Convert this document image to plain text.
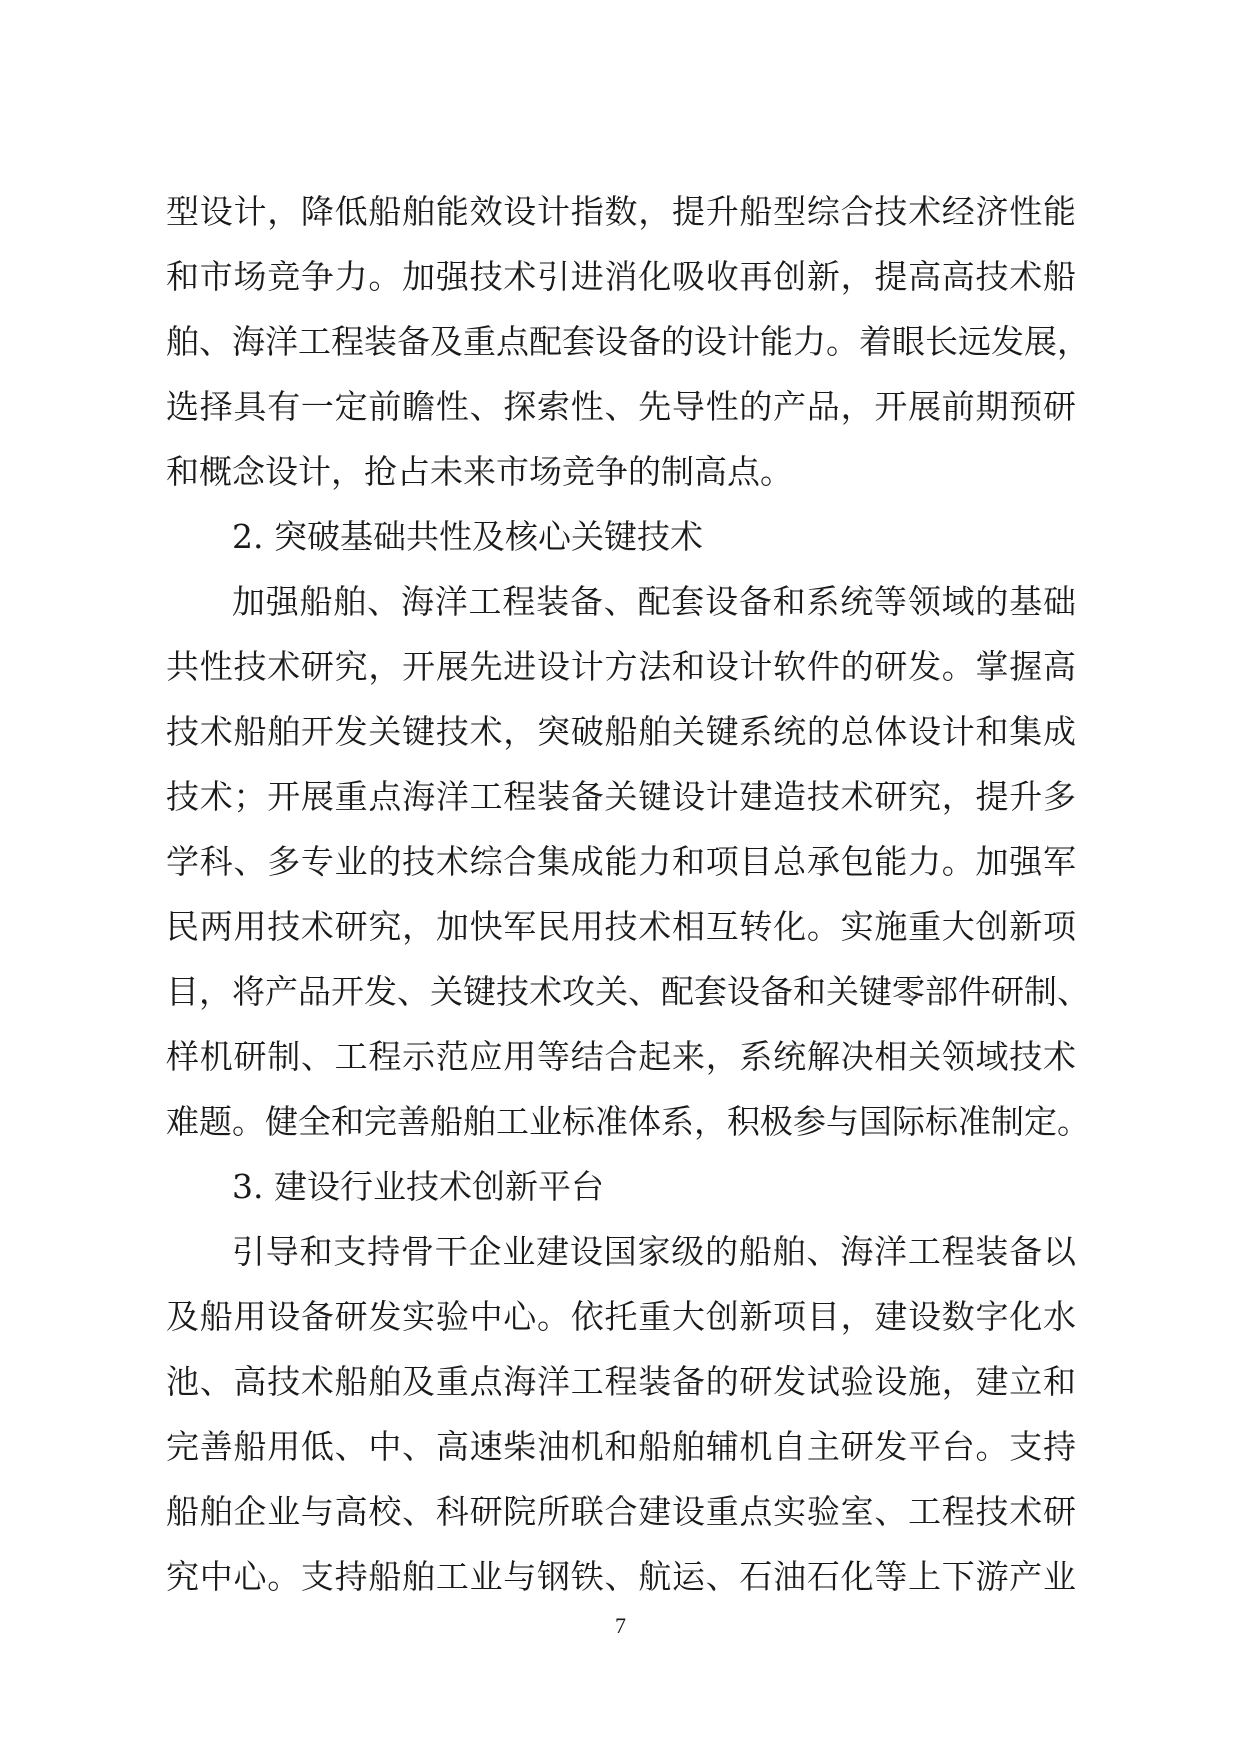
型设计，降低船舶能效设计指数，提升船型综合技术经济性能
和市场竞争力。加强技术引进消化吸收再创新，提高高技术船
舶、海洋工程装备及重点配套设备的设计能力。着眼长远发展，
选择具有一定前瞻性、探索性、先导性的产品，开展前期预研
和概念设计，抢占未来市场竞争的制高点。
2. 突破基础共性及核心关键技术
加强船舶、海洋工程装备、配套设备和系统等领域的基础
共性技术研究，开展先进设计方法和设计软件的研发。掌握高
技术船舶开发关键技术，突破船舶关键系统的总体设计和集成
技术；开展重点海洋工程装备关键设计建造技术研究，提升多
学科、多专业的技术综合集成能力和项目总承包能力。加强军
民两用技术研究，加快军民用技术相互转化。实施重大创新项
目，将产品开发、关键技术攻关、配套设备和关键零部件研制、
样机研制、工程示范应用等结合起来，系统解决相关领域技术
难题。健全和完善船舶工业标准体系，积极参与国际标准制定。
3. 建设行业技术创新平台
引导和支持骨干企业建设国家级的船舶、海洋工程装备以
及船用设备研发实验中心。依托重大创新项目，建设数字化水
池、高技术船舶及重点海洋工程装备的研发试验设施，建立和
完善船用低、中、高速柴油机和船舶辅机自主研发平台。支持
船舶企业与高校、科研院所联合建设重点实验室、工程技术研
究中心。支持船舶工业与钢铁、航运、石油石化等上下游产业
7
